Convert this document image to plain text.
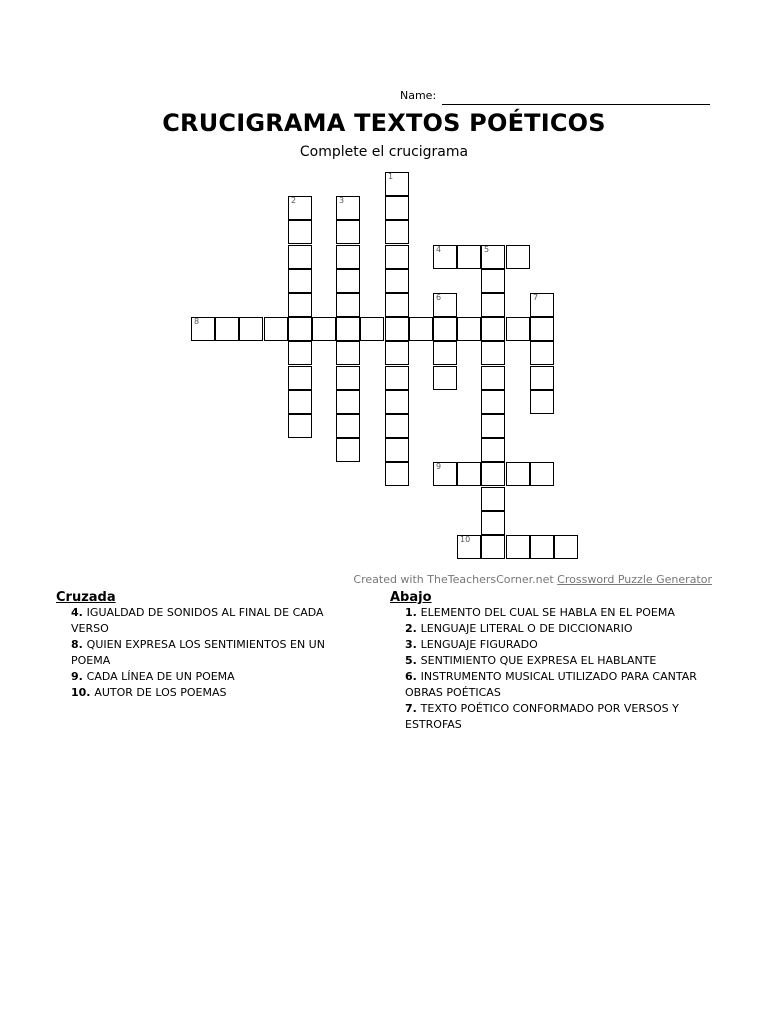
Name:
CRUCIGRAMA TEXTOS POÉTICOS
Complete el crucigrama
1
2	3
4	5
6	7
8
9
10
Created with TheTeachersCorner.net Crossword Puzzle Generator
Cruzada
4. IGUALDAD DE SONIDOS AL FINAL DE CADA VERSO
8. QUIEN EXPRESA LOS SENTIMIENTOS EN UN POEMA
9. CADA LÍNEA DE UN POEMA
10. AUTOR DE LOS POEMAS
Abajo
1. ELEMENTO DEL CUAL SE HABLA EN EL POEMA
2. LENGUAJE LITERAL O DE DICCIONARIO
3. LENGUAJE FIGURADO
5. SENTIMIENTO QUE EXPRESA EL HABLANTE
6. INSTRUMENTO MUSICAL UTILIZADO PARA CANTAR OBRAS POÉTICAS
7. TEXTO POÉTICO CONFORMADO POR VERSOS Y ESTROFAS
